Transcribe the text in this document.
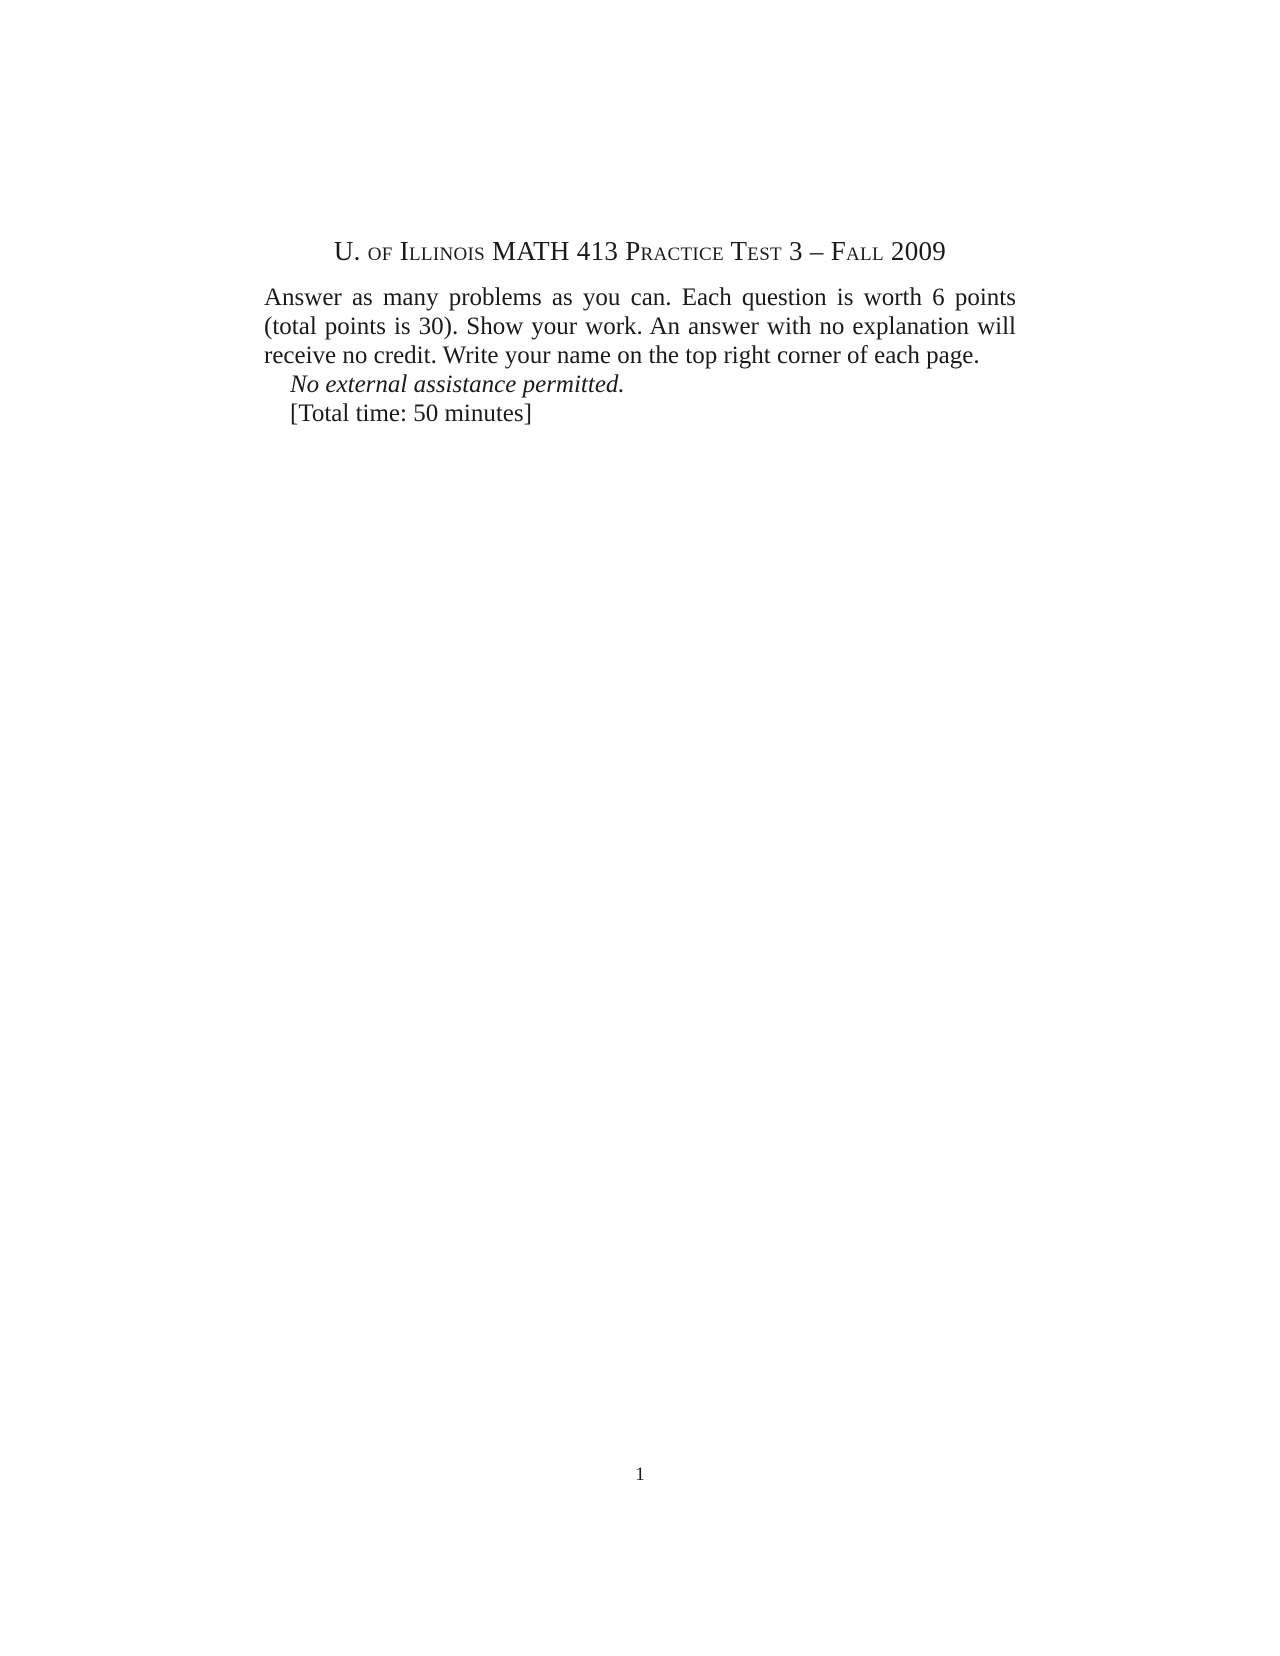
U. of Illinois MATH 413 Practice Test 3 – Fall 2009

Answer as many problems as you can. Each question is worth 6 points (total points is 30). Show your work. An answer with no explanation will receive no credit. Write your name on the top right corner of each page.

No external assistance permitted.

[Total time: 50 minutes]

1
